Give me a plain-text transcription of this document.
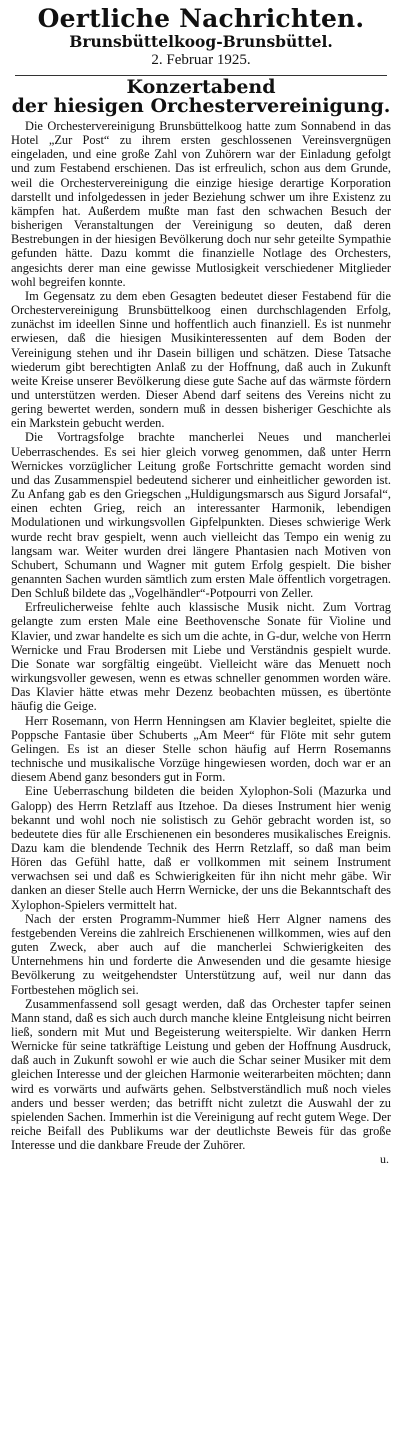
Oertliche Nachrichten.
Brunsbüttelkoog-Brunsbüttel.
2. Februar 1925.
Konzertabend
der hiesigen Orchestervereinigung.

Die Orchestervereinigung Brunsbüttelkoog hatte zum Sonnabend in das Hotel „Zur Post“ zu ihrem ersten geschlossenen Vereinsvergnügen eingeladen, und eine große Zahl von Zuhörern war der Einladung gefolgt und zum Festabend erschienen. Das ist erfreulich, schon aus dem Grunde, weil die Orchestervereinigung die einzige hiesige derartige Korporation darstellt und infolgedessen in jeder Beziehung schwer um ihre Existenz zu kämpfen hat. Außerdem mußte man fast den schwachen Besuch der bisherigen Veranstaltungen der Vereinigung so deuten, daß deren Bestrebungen in der hiesigen Bevölkerung doch nur sehr geteilte Sympathie gefunden hätte. Dazu kommt die finanzielle Notlage des Orchesters, angesichts derer man eine gewisse Mutlosigkeit verschiedener Mitglieder wohl begreifen konnte.

Im Gegensatz zu dem eben Gesagten bedeutet dieser Festabend für die Orchestervereinigung Brunsbüttelkoog einen durchschlagenden Erfolg, zunächst im ideellen Sinne und hoffentlich auch finanziell. Es ist nunmehr erwiesen, daß die hiesigen Musikinteressenten auf dem Boden der Vereinigung stehen und ihr Dasein billigen und schätzen. Diese Tatsache wiederum gibt berechtigten Anlaß zu der Hoffnung, daß auch in Zukunft weite Kreise unserer Bevölkerung diese gute Sache auf das wärmste fördern und unterstützen werden. Dieser Abend darf seitens des Vereins nicht zu gering bewertet werden, sondern muß in dessen bisheriger Geschichte als ein Markstein gebucht werden.

Die Vortragsfolge brachte mancherlei Neues und mancherlei Ueberraschendes. Es sei hier gleich vorweg genommen, daß unter Herrn Wernickes vorzüglicher Leitung große Fortschritte gemacht worden sind und das Zusammenspiel bedeutend sicherer und einheitlicher geworden ist. Zu Anfang gab es den Griegschen „Huldigungsmarsch aus Sigurd Jorsafal“, einen echten Grieg, reich an interessanter Harmonik, lebendigen Modulationen und wirkungsvollen Gipfelpunkten. Dieses schwierige Werk wurde recht brav gespielt, wenn auch vielleicht das Tempo ein wenig zu langsam war. Weiter wurden drei längere Phantasien nach Motiven von Schubert, Schumann und Wagner mit gutem Erfolg gespielt. Die bisher genannten Sachen wurden sämtlich zum ersten Male öffentlich vorgetragen. Den Schluß bildete das „Vogelhändler“-Potpourri von Zeller.

Erfreulicherweise fehlte auch klassische Musik nicht. Zum Vortrag gelangte zum ersten Male eine Beethovensche Sonate für Violine und Klavier, und zwar handelte es sich um die achte, in G-dur, welche von Herrn Wernicke und Frau Brodersen mit Liebe und Verständnis gespielt wurde. Die Sonate war sorgfältig eingeübt. Vielleicht wäre das Menuett noch wirkungsvoller gewesen, wenn es etwas schneller genommen worden wäre. Das Klavier hätte etwas mehr Dezenz beobachten müssen, es übertönte häufig die Geige.

Herr Rosemann, von Herrn Henningsen am Klavier begleitet, spielte die Poppsche Fantasie über Schuberts „Am Meer“ für Flöte mit sehr gutem Gelingen. Es ist an dieser Stelle schon häufig auf Herrn Rosemanns technische und musikalische Vorzüge hingewiesen worden, doch war er an diesem Abend ganz besonders gut in Form.

Eine Ueberraschung bildeten die beiden Xylophon-Soli (Mazurka und Galopp) des Herrn Retzlaff aus Itzehoe. Da dieses Instrument hier wenig bekannt und wohl noch nie solistisch zu Gehör gebracht worden ist, so bedeutete dies für alle Erschienenen ein besonderes musikalisches Ereignis. Dazu kam die blendende Technik des Herrn Retzlaff, so daß man beim Hören das Gefühl hatte, daß er vollkommen mit seinem Instrument verwachsen sei und daß es Schwierigkeiten für ihn nicht mehr gäbe. Wir danken an dieser Stelle auch Herrn Wernicke, der uns die Bekanntschaft des Xylophon-Spielers vermittelt hat.

Nach der ersten Programm-Nummer hieß Herr Algner namens des festgebenden Vereins die zahlreich Erschienenen willkommen, wies auf den guten Zweck, aber auch auf die mancherlei Schwierigkeiten des Unternehmens hin und forderte die Anwesenden und die gesamte hiesige Bevölkerung zu weitgehendster Unterstützung auf, weil nur dann das Fortbestehen möglich sei.

Zusammenfassend soll gesagt werden, daß das Orchester tapfer seinen Mann stand, daß es sich auch durch manche kleine Entgleisung nicht beirren ließ, sondern mit Mut und Begeisterung weiterspielte. Wir danken Herrn Wernicke für seine tatkräftige Leistung und geben der Hoffnung Ausdruck, daß auch in Zukunft sowohl er wie auch die Schar seiner Musiker mit dem gleichen Interesse und der gleichen Harmonie weiterarbeiten möchten; dann wird es vorwärts und aufwärts gehen. Selbstverständlich muß noch vieles anders und besser werden; das betrifft nicht zuletzt die Auswahl der zu spielenden Sachen. Immerhin ist die Vereinigung auf recht gutem Wege. Der reiche Beifall des Publikums war der deutlichste Beweis für das große Interesse und die dankbare Freude der Zuhörer.

u.
